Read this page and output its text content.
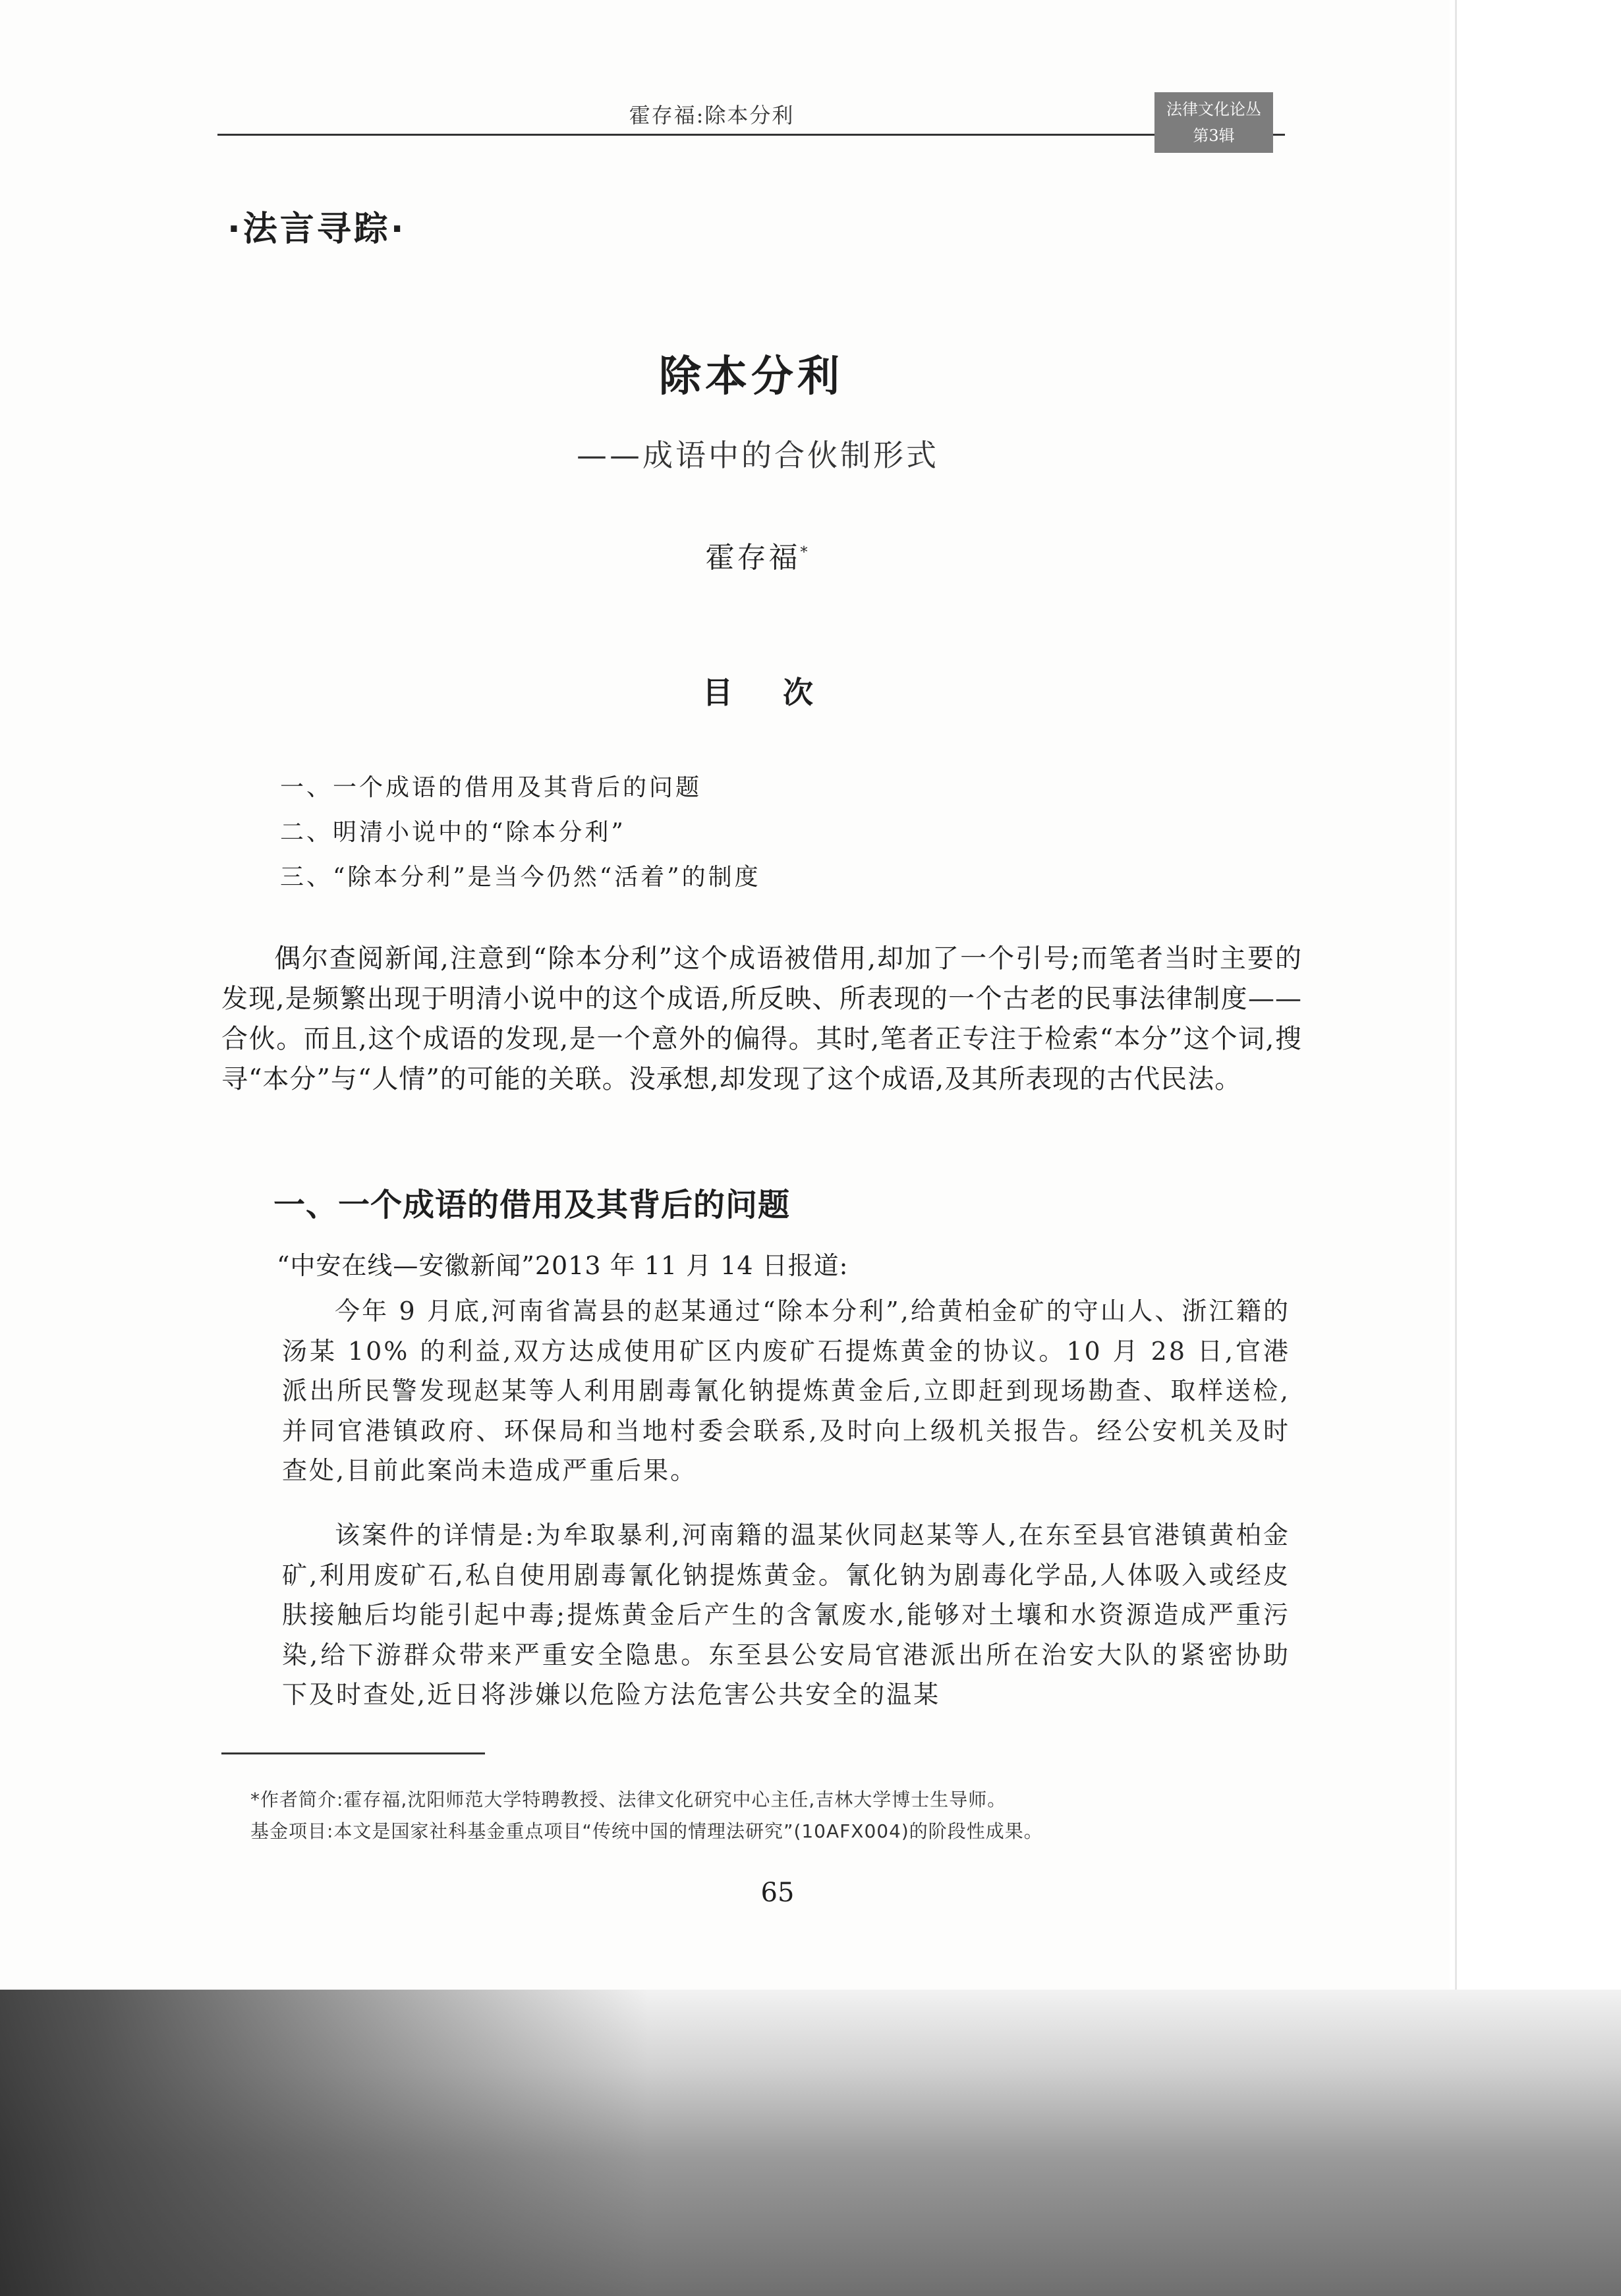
霍存福:除本分利	法律文化论丛
第3辑
·法言寻踪·
除本分利
——成语中的合伙制形式
霍存福*
目 次
一、一个成语的借用及其背后的问题
二、明清小说中的“除本分利”
三、“除本分利”是当今仍然“活着”的制度
偶尔查阅新闻,注意到“除本分利”这个成语被借用,却加了一个引号;而笔者当时主要的发现,是频繁出现于明清小说中的这个成语,所反映、所表现的一个古老的民事法律制度——合伙。而且,这个成语的发现,是一个意外的偏得。其时,笔者正专注于检索“本分”这个词,搜寻“本分”与“人情”的可能的关联。没承想,却发现了这个成语,及其所表现的古代民法。
一、一个成语的借用及其背后的问题
“中安在线—安徽新闻”2013 年 11 月 14 日报道:
今年 9 月底,河南省嵩县的赵某通过“除本分利”,给黄柏金矿的守山人、浙江籍的汤某 10% 的利益,双方达成使用矿区内废矿石提炼黄金的协议。10 月 28 日,官港派出所民警发现赵某等人利用剧毒氰化钠提炼黄金后,立即赶到现场勘查、取样送检,并同官港镇政府、环保局和当地村委会联系,及时向上级机关报告。经公安机关及时查处,目前此案尚未造成严重后果。
该案件的详情是:为牟取暴利,河南籍的温某伙同赵某等人,在东至县官港镇黄柏金矿,利用废矿石,私自使用剧毒氰化钠提炼黄金。氰化钠为剧毒化学品,人体吸入或经皮肤接触后均能引起中毒;提炼黄金后产生的含氰废水,能够对土壤和水资源造成严重污染,给下游群众带来严重安全隐患。东至县公安局官港派出所在治安大队的紧密协助下及时查处,近日将涉嫌以危险方法危害公共安全的温某
*作者简介:霍存福,沈阳师范大学特聘教授、法律文化研究中心主任,吉林大学博士生导师。
基金项目:本文是国家社科基金重点项目“传统中国的情理法研究”(10AFX004)的阶段性成果。
65
